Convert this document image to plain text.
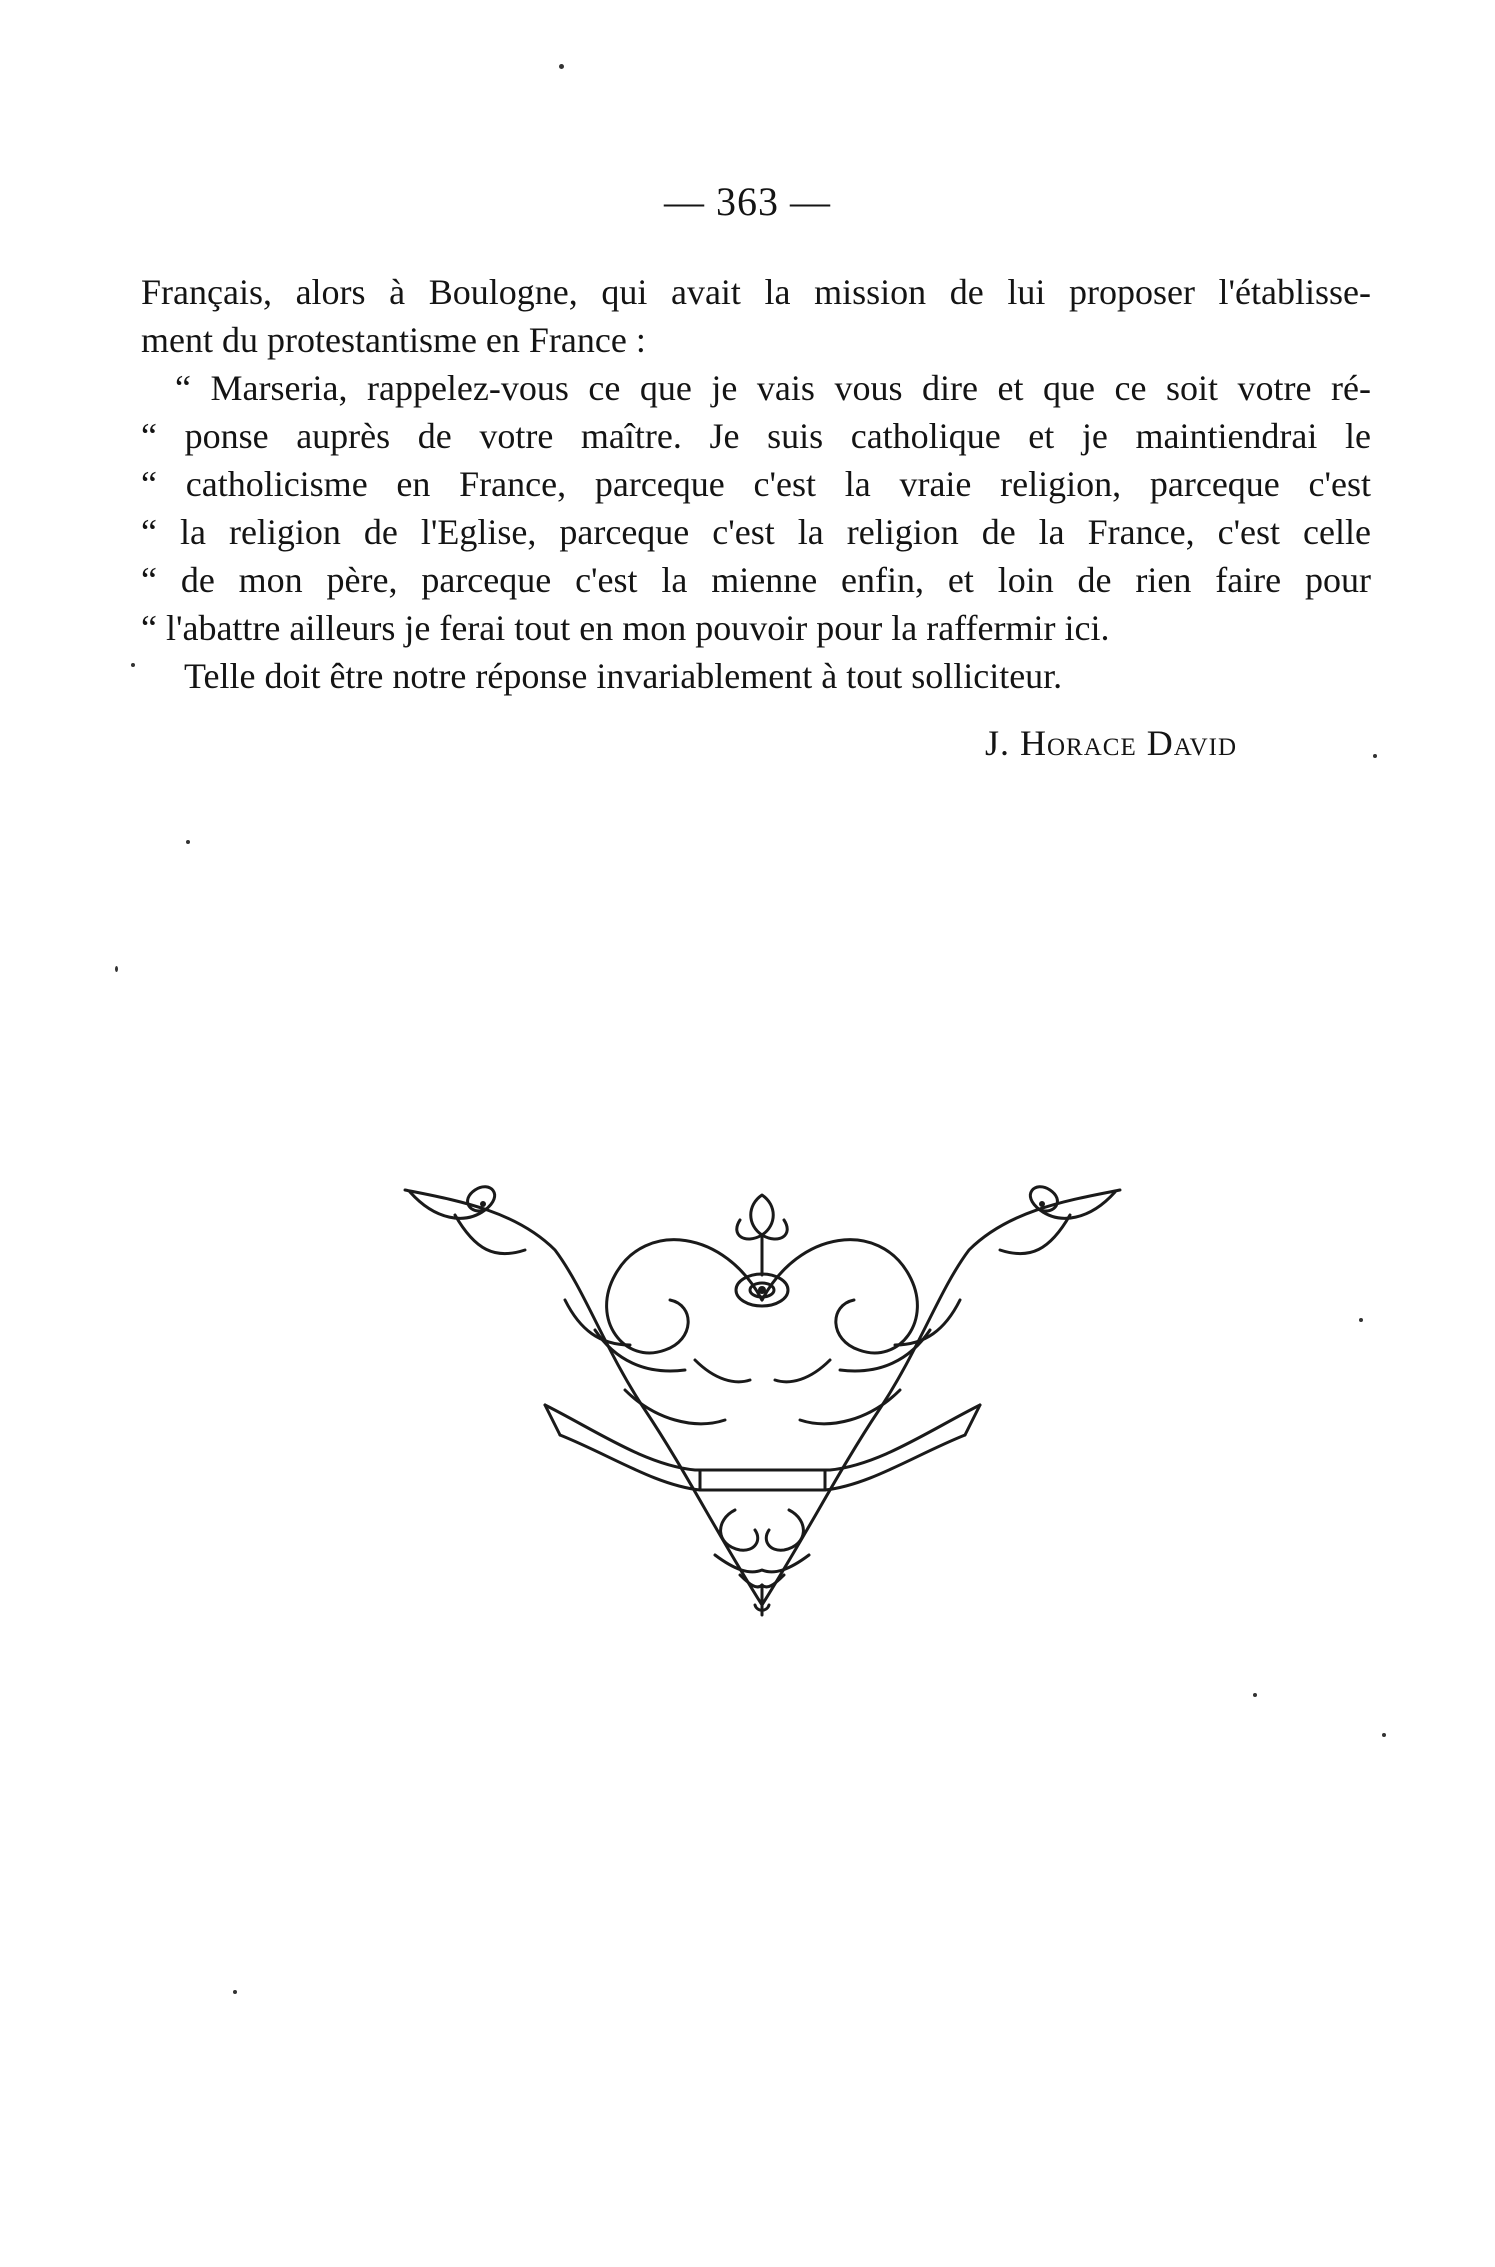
— 363 —
Français, alors à Boulogne, qui avait la mission de lui proposer l'établisse-
ment du protestantisme en France :
“ Marseria, rappelez-vous ce que je vais vous dire et que ce soit votre ré-
“ ponse auprès de votre maître. Je suis catholique et je maintiendrai le
“ catholicisme en France, parceque c'est la vraie religion, parceque c'est
“ la religion de l'Eglise, parceque c'est la religion de la France, c'est celle
“ de mon père, parceque c'est la mienne enfin, et loin de rien faire pour
“ l'abattre ailleurs je ferai tout en mon pouvoir pour la raffermir ici.
Telle doit être notre réponse invariablement à tout solliciteur.
J. Horace David
